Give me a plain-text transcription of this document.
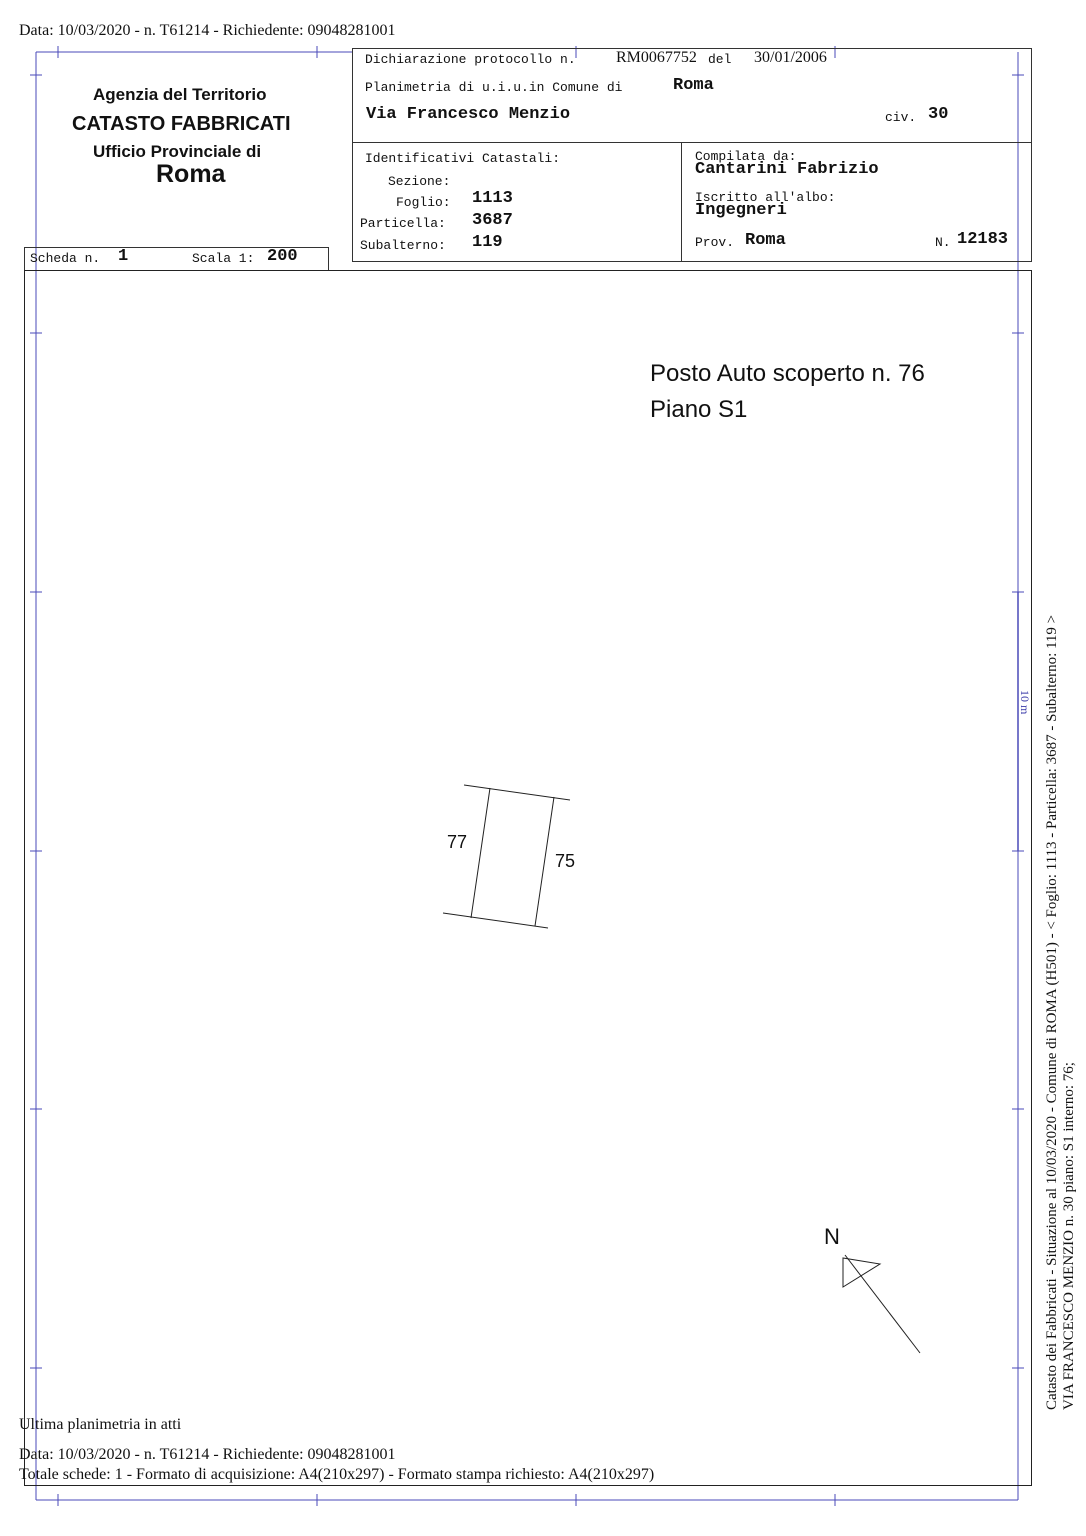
Data: 10/03/2020 - n. T61214 - Richiedente: 09048281001
10 m
Agenzia del Territorio
CATASTO FABBRICATI
Ufficio Provinciale di
Roma
Scheda n. 1	Scala 1: 200
Dichiarazione protocollo n.	RM0067752 del 30/01/2006
Planimetria di u.i.u.in Comune di	Roma
Via Francesco Menzio	civ. 30
Identificativi Catastali:
Sezione:
Foglio: 1113
Particella: 3687
Subalterno: 119
Compilata da:
Cantarini Fabrizio
Iscritto all'albo:
Ingegneri
Prov. Roma	N. 12183
Posto Auto scoperto n. 76
Piano S1
77
75
N	Catasto dei Fabbricati - Situazione al 10/03/2020 - Comune di ROMA (H501) - < Foglio: 1113 - Particella: 3687 - Subalterno: 119 > VIA FRANCESCO MENZIO n. 30 piano: S1 interno: 76;
Ultima planimetria in atti
Data: 10/03/2020 - n. T61214 - Richiedente: 09048281001
Totale schede: 1 - Formato di acquisizione: A4(210x297) - Formato stampa richiesto: A4(210x297)
